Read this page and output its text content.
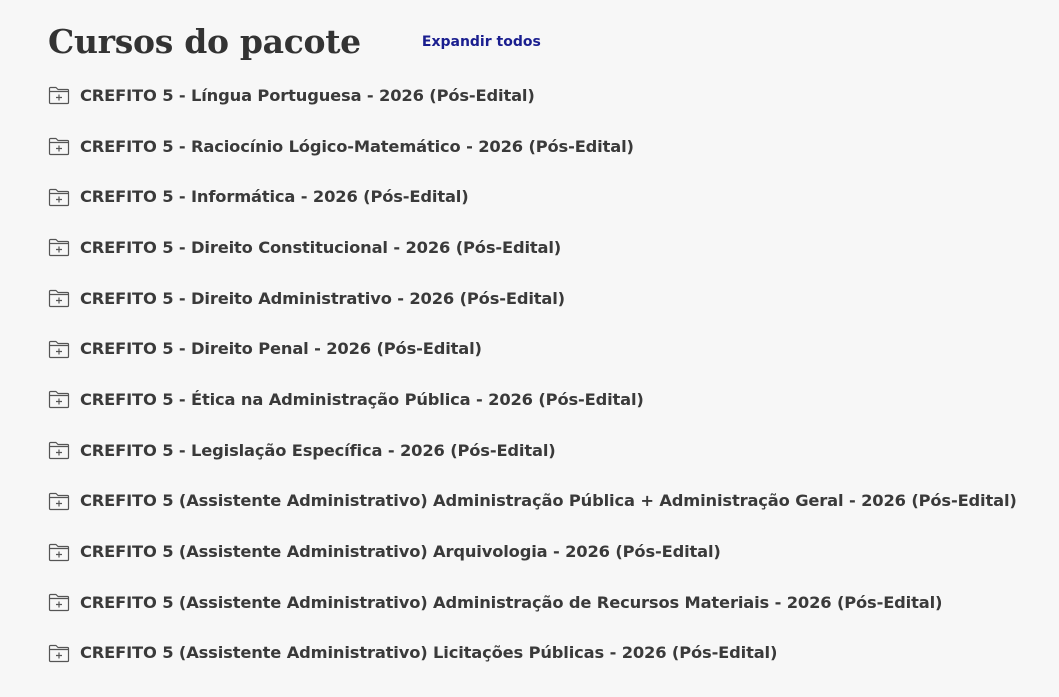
Cursos do pacote	Expandir todos
CREFITO 5 - Língua Portuguesa - 2026 (Pós-Edital)
CREFITO 5 - Raciocínio Lógico-Matemático - 2026 (Pós-Edital)
CREFITO 5 - Informática - 2026 (Pós-Edital)
CREFITO 5 - Direito Constitucional - 2026 (Pós-Edital)
CREFITO 5 - Direito Administrativo - 2026 (Pós-Edital)
CREFITO 5 - Direito Penal - 2026 (Pós-Edital)
CREFITO 5 - Ética na Administração Pública - 2026 (Pós-Edital)
CREFITO 5 - Legislação Específica - 2026 (Pós-Edital)
CREFITO 5 (Assistente Administrativo) Administração Pública + Administração Geral - 2026 (Pós-Edital)
CREFITO 5 (Assistente Administrativo) Arquivologia - 2026 (Pós-Edital)
CREFITO 5 (Assistente Administrativo) Administração de Recursos Materiais - 2026 (Pós-Edital)
CREFITO 5 (Assistente Administrativo) Licitações Públicas - 2026 (Pós-Edital)
